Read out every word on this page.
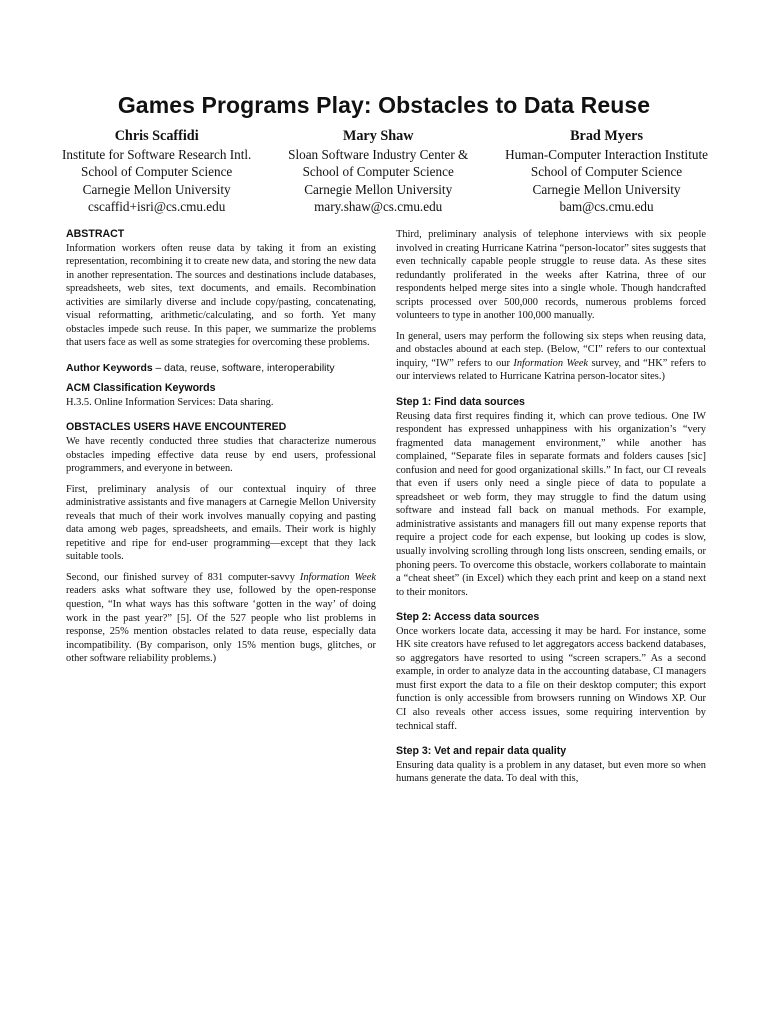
Games Programs Play: Obstacles to Data Reuse
Chris Scaffidi
Institute for Software Research Intl.
School of Computer Science
Carnegie Mellon University
cscaffid+isri@cs.cmu.edu
Mary Shaw
Sloan Software Industry Center &
School of Computer Science
Carnegie Mellon University
mary.shaw@cs.cmu.edu
Brad Myers
Human-Computer Interaction Institute
School of Computer Science
Carnegie Mellon University
bam@cs.cmu.edu
ABSTRACT

Information workers often reuse data by taking it from an existing representation, recombining it to create new data, and storing the new data in another representation. The sources and destinations include databases, spreadsheets, web sites, text documents, and emails. Recombination activities are similarly diverse and include copy/pasting, concatenating, visual reformatting, arithmetic/calculating, and so forth. Yet many obstacles impede such reuse. In this paper, we summarize the problems that users face as well as some strategies for overcoming these problems.

Author Keywords – data, reuse, software, interoperability

ACM Classification Keywords

H.3.5. Online Information Services: Data sharing.

OBSTACLES USERS HAVE ENCOUNTERED

We have recently conducted three studies that characterize numerous obstacles impeding effective data reuse by end users, professional programmers, and everyone in between.

First, preliminary analysis of our contextual inquiry of three administrative assistants and five managers at Carnegie Mellon University reveals that much of their work involves manually copying and pasting data among web pages, spreadsheets, and emails. Their work is highly repetitive and ripe for end-user programming—except that they lack suitable tools.

Second, our finished survey of 831 computer-savvy Information Week readers asks what software they use, followed by the open-response question, “In what ways has this software ‘gotten in the way’ of doing work in the past year?” [5]. Of the 527 people who list problems in response, 25% mention obstacles related to data reuse, especially data incompatibility. (By comparison, only 15% mention bugs, glitches, or other software reliability problems.)

Third, preliminary analysis of telephone interviews with six people involved in creating Hurricane Katrina “person-locator” sites suggests that even technically capable people struggle to reuse data. As these sites redundantly proliferated in the weeks after Katrina, three of our respondents helped merge sites into a single whole. Though handcrafted scripts processed over 500,000 records, numerous problems forced volunteers to type in another 100,000 manually.

In general, users may perform the following six steps when reusing data, and obstacles abound at each step. (Below, “CI” refers to our contextual inquiry, “IW” refers to our Information Week survey, and “HK” refers to our interviews related to Hurricane Katrina person-locator sites.)

Step 1: Find data sources

Reusing data first requires finding it, which can prove tedious. One IW respondent has expressed unhappiness with his organization’s “very fragmented data management environment,” while another has complained, “Separate files in separate formats and folders causes [sic] confusion and need for good organizational skills.” In fact, our CI reveals that even if users only need a single piece of data to populate a spreadsheet or web form, they may struggle to find the datum using software and instead fall back on manual methods. For example, administrative assistants and managers fill out many expense reports that require a project code for each expense, but looking up codes is slow, usually involving scrolling through long lists onscreen, sending emails, or phoning peers. To overcome this obstacle, workers collaborate to maintain a “cheat sheet” (in Excel) which they each print and keep on a stand next to their monitors.

Step 2: Access data sources

Once workers locate data, accessing it may be hard. For instance, some HK site creators have refused to let aggregators access backend databases, so aggregators have resorted to using “screen scrapers.” As a second example, in order to analyze data in the accounting database, CI managers must first export the data to a file on their desktop computer; this export function is only accessible from browsers running on Windows XP. Our CI also reveals other access issues, some requiring intervention by technical staff.

Step 3: Vet and repair data quality

Ensuring data quality is a problem in any dataset, but even more so when humans generate the data. To deal with this,
